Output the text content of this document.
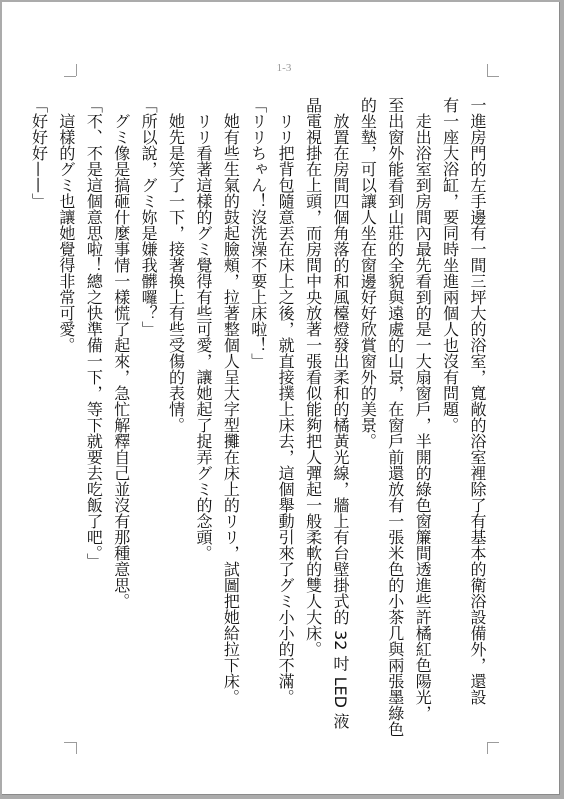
1-3

一進房門的左手邊有一間三坪大的浴室，寬敞的浴室裡除了有基本的衛浴設備外，還設

有一座大浴缸，要同時坐進兩個人也沒有問題。

　走出浴室到房間內最先看到的是一大扇窗戶，半開的綠色窗簾間透進些許橘紅色陽光，

至出窗外能看到山莊的全貌與遠處的山景，在窗戶前還放有一張米色的小茶几與兩張墨綠色

的坐墊，可以讓人坐在窗邊好好欣賞窗外的美景。

　放置在房間四個角落的和風檯燈發出柔和的橘黃光線，牆上有台壁掛式的 32 吋 LED 液

晶電視掛在上頭，而房間中央放著一張看似能夠把人彈起一般柔軟的雙人大床。

　リリ把背包隨意丟在床上之後，就直接撲上床去，這個舉動引來了グミ小小的不滿。

「リリちゃん！沒洗澡不要上床啦！」

　她有些生氣的鼓起臉頰，拉著整個人呈大字型攤在床上的リリ，試圖把她給拉下床。

　リリ看著這樣的グミ覺得有些可愛，讓她起了捉弄グミ的念頭。

　她先是笑了一下，接著換上有些受傷的表情。

「所以說，グミ妳是嫌我髒囉？」

　グミ像是搞砸什麼事情一樣慌了起來，急忙解釋自己並沒有那種意思。

「不、不是這個意思啦！總之快準備一下，等下就要去吃飯了吧。」

　這樣的グミ也讓她覺得非常可愛。

「好好好——」
